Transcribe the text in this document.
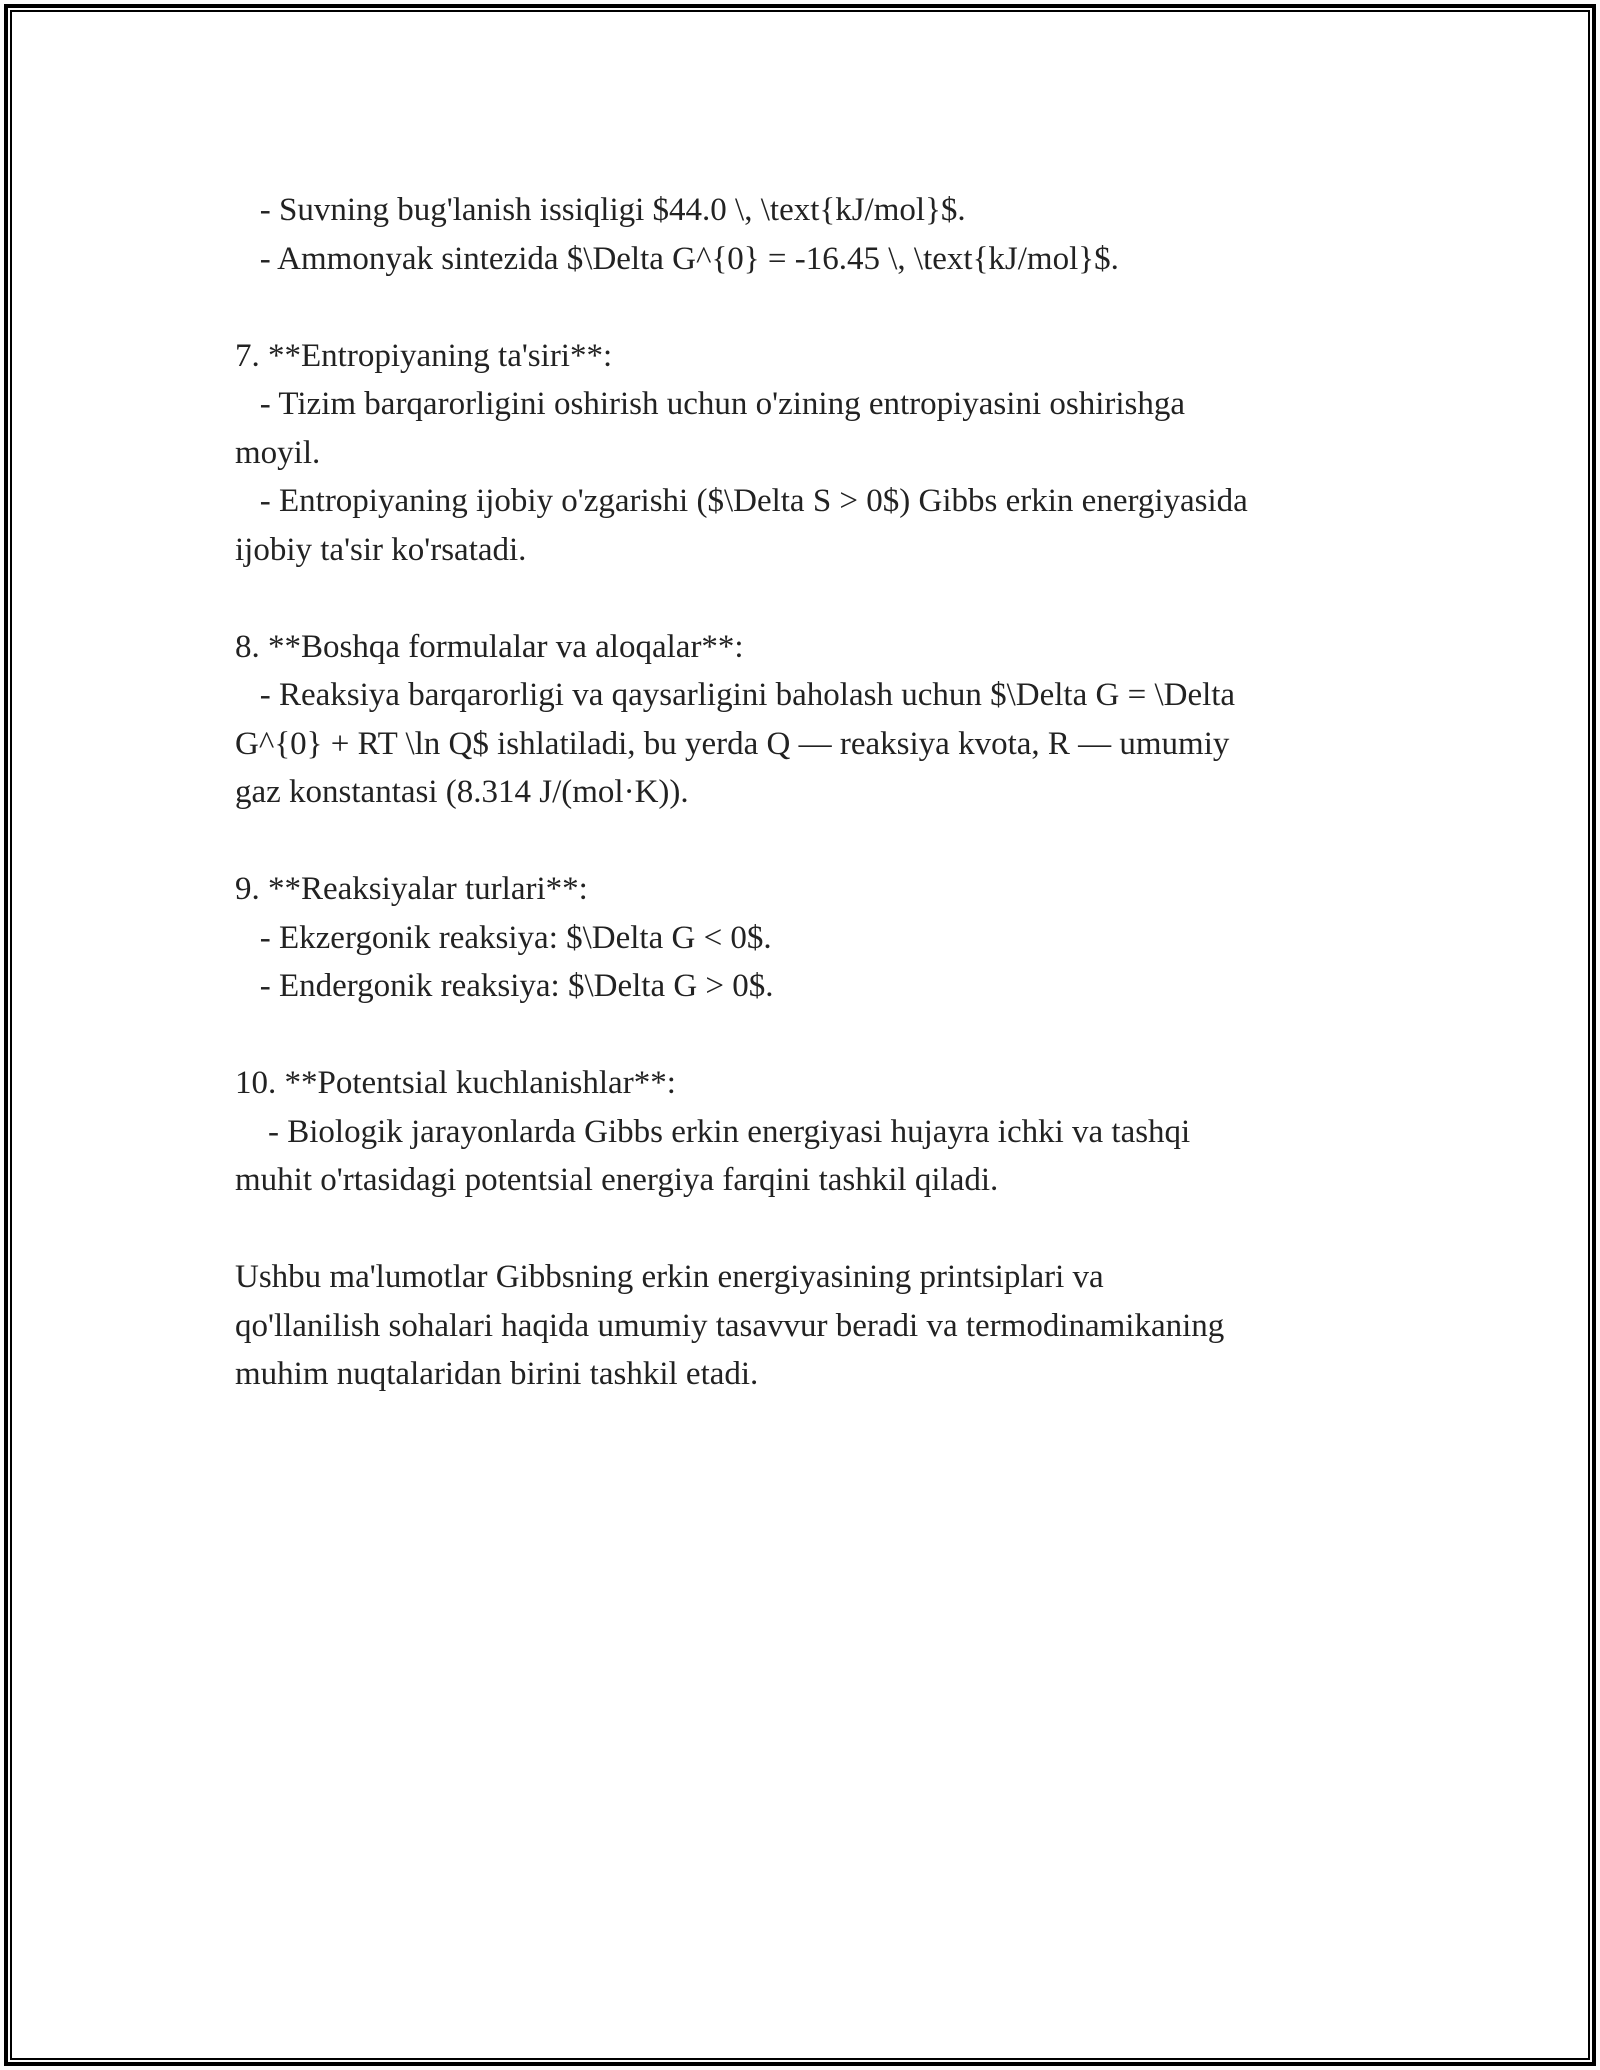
- Suvning bug'lanish issiqligi $44.0 \, \text{kJ/mol}$.

- Ammonyak sintezida $\Delta G^{0} = -16.45 \, \text{kJ/mol}$.

7. **Entropiyaning ta'siri**:

- Tizim barqarorligini oshirish uchun o'zining entropiyasini oshirishga

moyil.

- Entropiyaning ijobiy o'zgarishi ($\Delta S > 0$) Gibbs erkin energiyasida

ijobiy ta'sir ko'rsatadi.

8. **Boshqa formulalar va aloqalar**:

- Reaksiya barqarorligi va qaysarligini baholash uchun $\Delta G = \Delta

G^{0} + RT \ln Q$ ishlatiladi, bu yerda Q — reaksiya kvota, R — umumiy

gaz konstantasi (8.314 J/(mol·K)).

9. **Reaksiyalar turlari**:

- Ekzergonik reaksiya: $\Delta G < 0$.

- Endergonik reaksiya: $\Delta G > 0$.

10. **Potentsial kuchlanishlar**:

- Biologik jarayonlarda Gibbs erkin energiyasi hujayra ichki va tashqi

muhit o'rtasidagi potentsial energiya farqini tashkil qiladi.

Ushbu ma'lumotlar Gibbsning erkin energiyasining printsiplari va

qo'llanilish sohalari haqida umumiy tasavvur beradi va termodinamikaning

muhim nuqtalaridan birini tashkil etadi.
